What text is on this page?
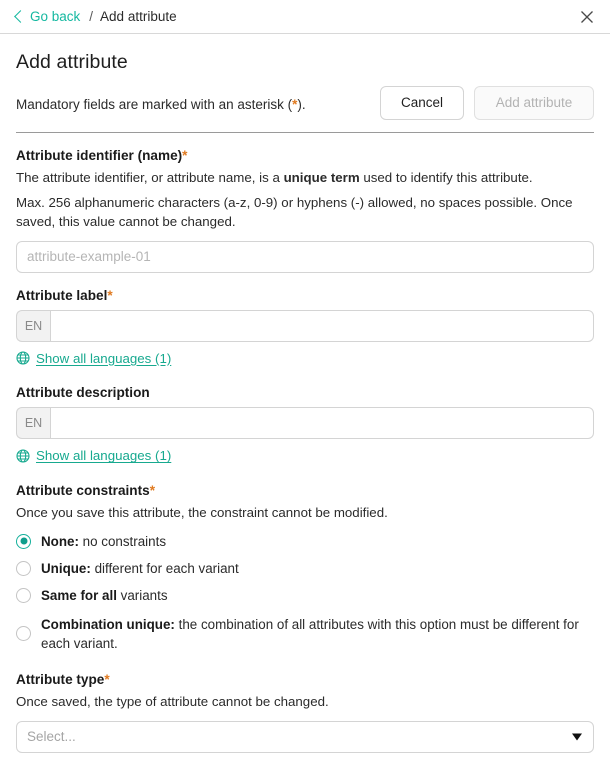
Go back / Add attribute
Add attribute
Mandatory fields are marked with an asterisk (*).	Cancel	Add attribute
Attribute identifier (name)*
The attribute identifier, or attribute name, is a unique term used to identify this attribute.
Max. 256 alphanumeric characters (a-z, 0-9) or hyphens (-) allowed, no spaces possible. Once saved, this value cannot be changed.
attribute-example-01
Attribute label*
EN
Show all languages (1)
Attribute description
EN
Show all languages (1)
Attribute constraints*
Once you save this attribute, the constraint cannot be modified.
None: no constraints
Unique: different for each variant
Same for all variants
Combination unique: the combination of all attributes with this option must be different for each variant.
Attribute type*
Once saved, the type of attribute cannot be changed.
Select...
